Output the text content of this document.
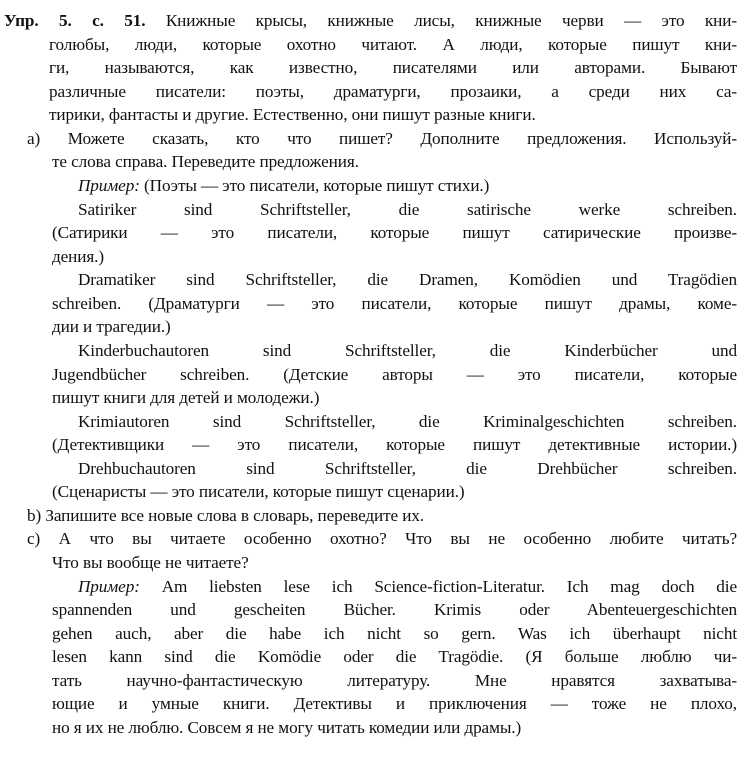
Упр. 5. с. 51. Книжные крысы, книжные лисы, книжные черви — это кни-
голюбы, люди, которые охотно читают. А люди, которые пишут кни-
ги, называются, как известно, писателями или авторами. Бывают
различные писатели: поэты, драматурги, прозаики, а среди них са-
тирики, фантасты и другие. Естественно, они пишут разные книги.
a) Можете сказать, кто что пишет? Дополните предложения. Используй-
те слова справа. Переведите предложения.
Пример: (Поэты — это писатели, которые пишут стихи.)
Satiriker sind Schriftsteller, die satirische werke schreiben.
(Сатирики — это писатели, которые пишут сатирические произве-
дения.)
Dramatiker sind Schriftsteller, die Dramen, Komödien und Tragödien
schreiben. (Драматурги — это писатели, которые пишут драмы, коме-
дии и трагедии.)
Kinderbuchautoren sind Schriftsteller, die Kinderbücher und
Jugendbücher schreiben. (Детские авторы — это писатели, которые
пишут книги для детей и молодежи.)
Krimiautoren sind Schriftsteller, die Kriminalgeschichten schreiben.
(Детективщики — это писатели, которые пишут детективные истории.)
Drehbuchautoren sind Schriftsteller, die Drehbücher schreiben.
(Сценаристы — это писатели, которые пишут сценарии.)
b) Запишите все новые слова в словарь, переведите их.
c) А что вы читаете особенно охотно? Что вы не особенно любите читать?
Что вы вообще не читаете?
Пример: Am liebsten lese ich Science-fiction-Literatur. Ich mag doch die
spannenden und gescheiten Bücher. Krimis oder Abenteuergeschichten
gehen auch, aber die habe ich nicht so gern. Was ich überhaupt nicht
lesen kann sind die Komödie oder die Tragödie. (Я больше люблю чи-
тать научно-фантастическую литературу. Мне нравятся захватыва-
ющие и умные книги. Детективы и приключения — тоже не плохо,
но я их не люблю. Совсем я не могу читать комедии или драмы.)
